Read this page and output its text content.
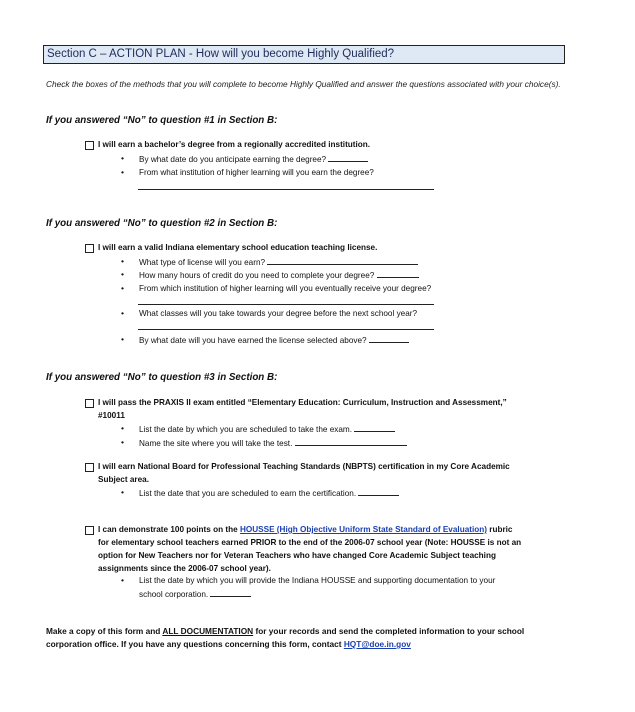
Section C – ACTION PLAN - How will you become Highly Qualified?
Check the boxes of the methods that you will complete to become Highly Qualified and answer the questions associated with your choice(s).
If you answered “No” to question #1 in Section B:
I will earn a bachelor’s degree from a regionally accredited institution.
• By what date do you anticipate earning the degree?
• From what institution of higher learning will you earn the degree?
If you answered “No” to question #2 in Section B:
I will earn a valid Indiana elementary school education teaching license.
• What type of license will you earn?
• How many hours of credit do you need to complete your degree?
• From which institution of higher learning will you eventually receive your degree?
• What classes will you take towards your degree before the next school year?
• By what date will you have earned the license selected above?
If you answered “No” to question #3 in Section B:
I will pass the PRAXIS II exam entitled “Elementary Education: Curriculum, Instruction and Assessment,”
#10011
• List the date by which you are scheduled to take the exam.
• Name the site where you will take the test.
I will earn National Board for Professional Teaching Standards (NBPTS) certification in my Core Academic
Subject area.
• List the date that you are scheduled to earn the certification.
I can demonstrate 100 points on the HOUSSE (High Objective Uniform State Standard of Evaluation) rubric
for elementary school teachers earned PRIOR to the end of the 2006-07 school year (Note: HOUSSE is not an
option for New Teachers nor for Veteran Teachers who have changed Core Academic Subject teaching
assignments since the 2006-07 school year).
• List the date by which you will provide the Indiana HOUSSE and supporting documentation to your
school corporation.
Make a copy of this form and ALL DOCUMENTATION for your records and send the completed information to your school
corporation office. If you have any questions concerning this form, contact HQT@doe.in.gov
